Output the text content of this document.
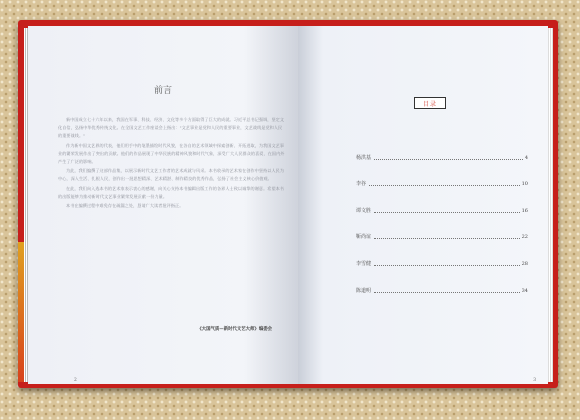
前言

新中国成立七十六年以来，我国在军事、科技、经济、文化等多个方面取得了巨大的成就。习近平总书记强调，坚定文化自信，弘扬中华优秀传统文化。在全国文艺工作座谈会上指出："文艺事业是党和人民的重要事业，文艺战线是党和人民的重要战线。"

作为新中国文艺界的代表，他们用手中的笔墨描绘时代风貌，在各自的艺术领域中探索创新、开拓进取，为我国文艺事业的繁荣发展作出了突出的贡献。他们的作品展现了中华民族的精神风貌和时代气象，深受广大人民群众的喜爱，在国内外产生了广泛的影响。

为此，我们编撰了这部作品集，以展示新时代文艺工作者的艺术成就与风采。本书收录的艺术家在创作中坚持以人民为中心，深入生活、扎根人民，创作出一批思想精深、艺术精湛、制作精良的优秀作品，弘扬了社会主义核心价值观。

在此，我们向入选本书的艺术家表示衷心的感谢，向关心支持本书编辑出版工作的各界人士致以诚挚的谢意。希望本书的出版能够为推动新时代文艺事业繁荣发展贡献一份力量。

本书在编撰过程中难免存在疏漏之处，恳请广大读者批评指正。

《大国气质—新时代文艺大师》编委会
2
目录
杨洪基	4
李谷	10
谭文胜	16
靳尚谊	22
李雪健	28
陈道明	34
3
